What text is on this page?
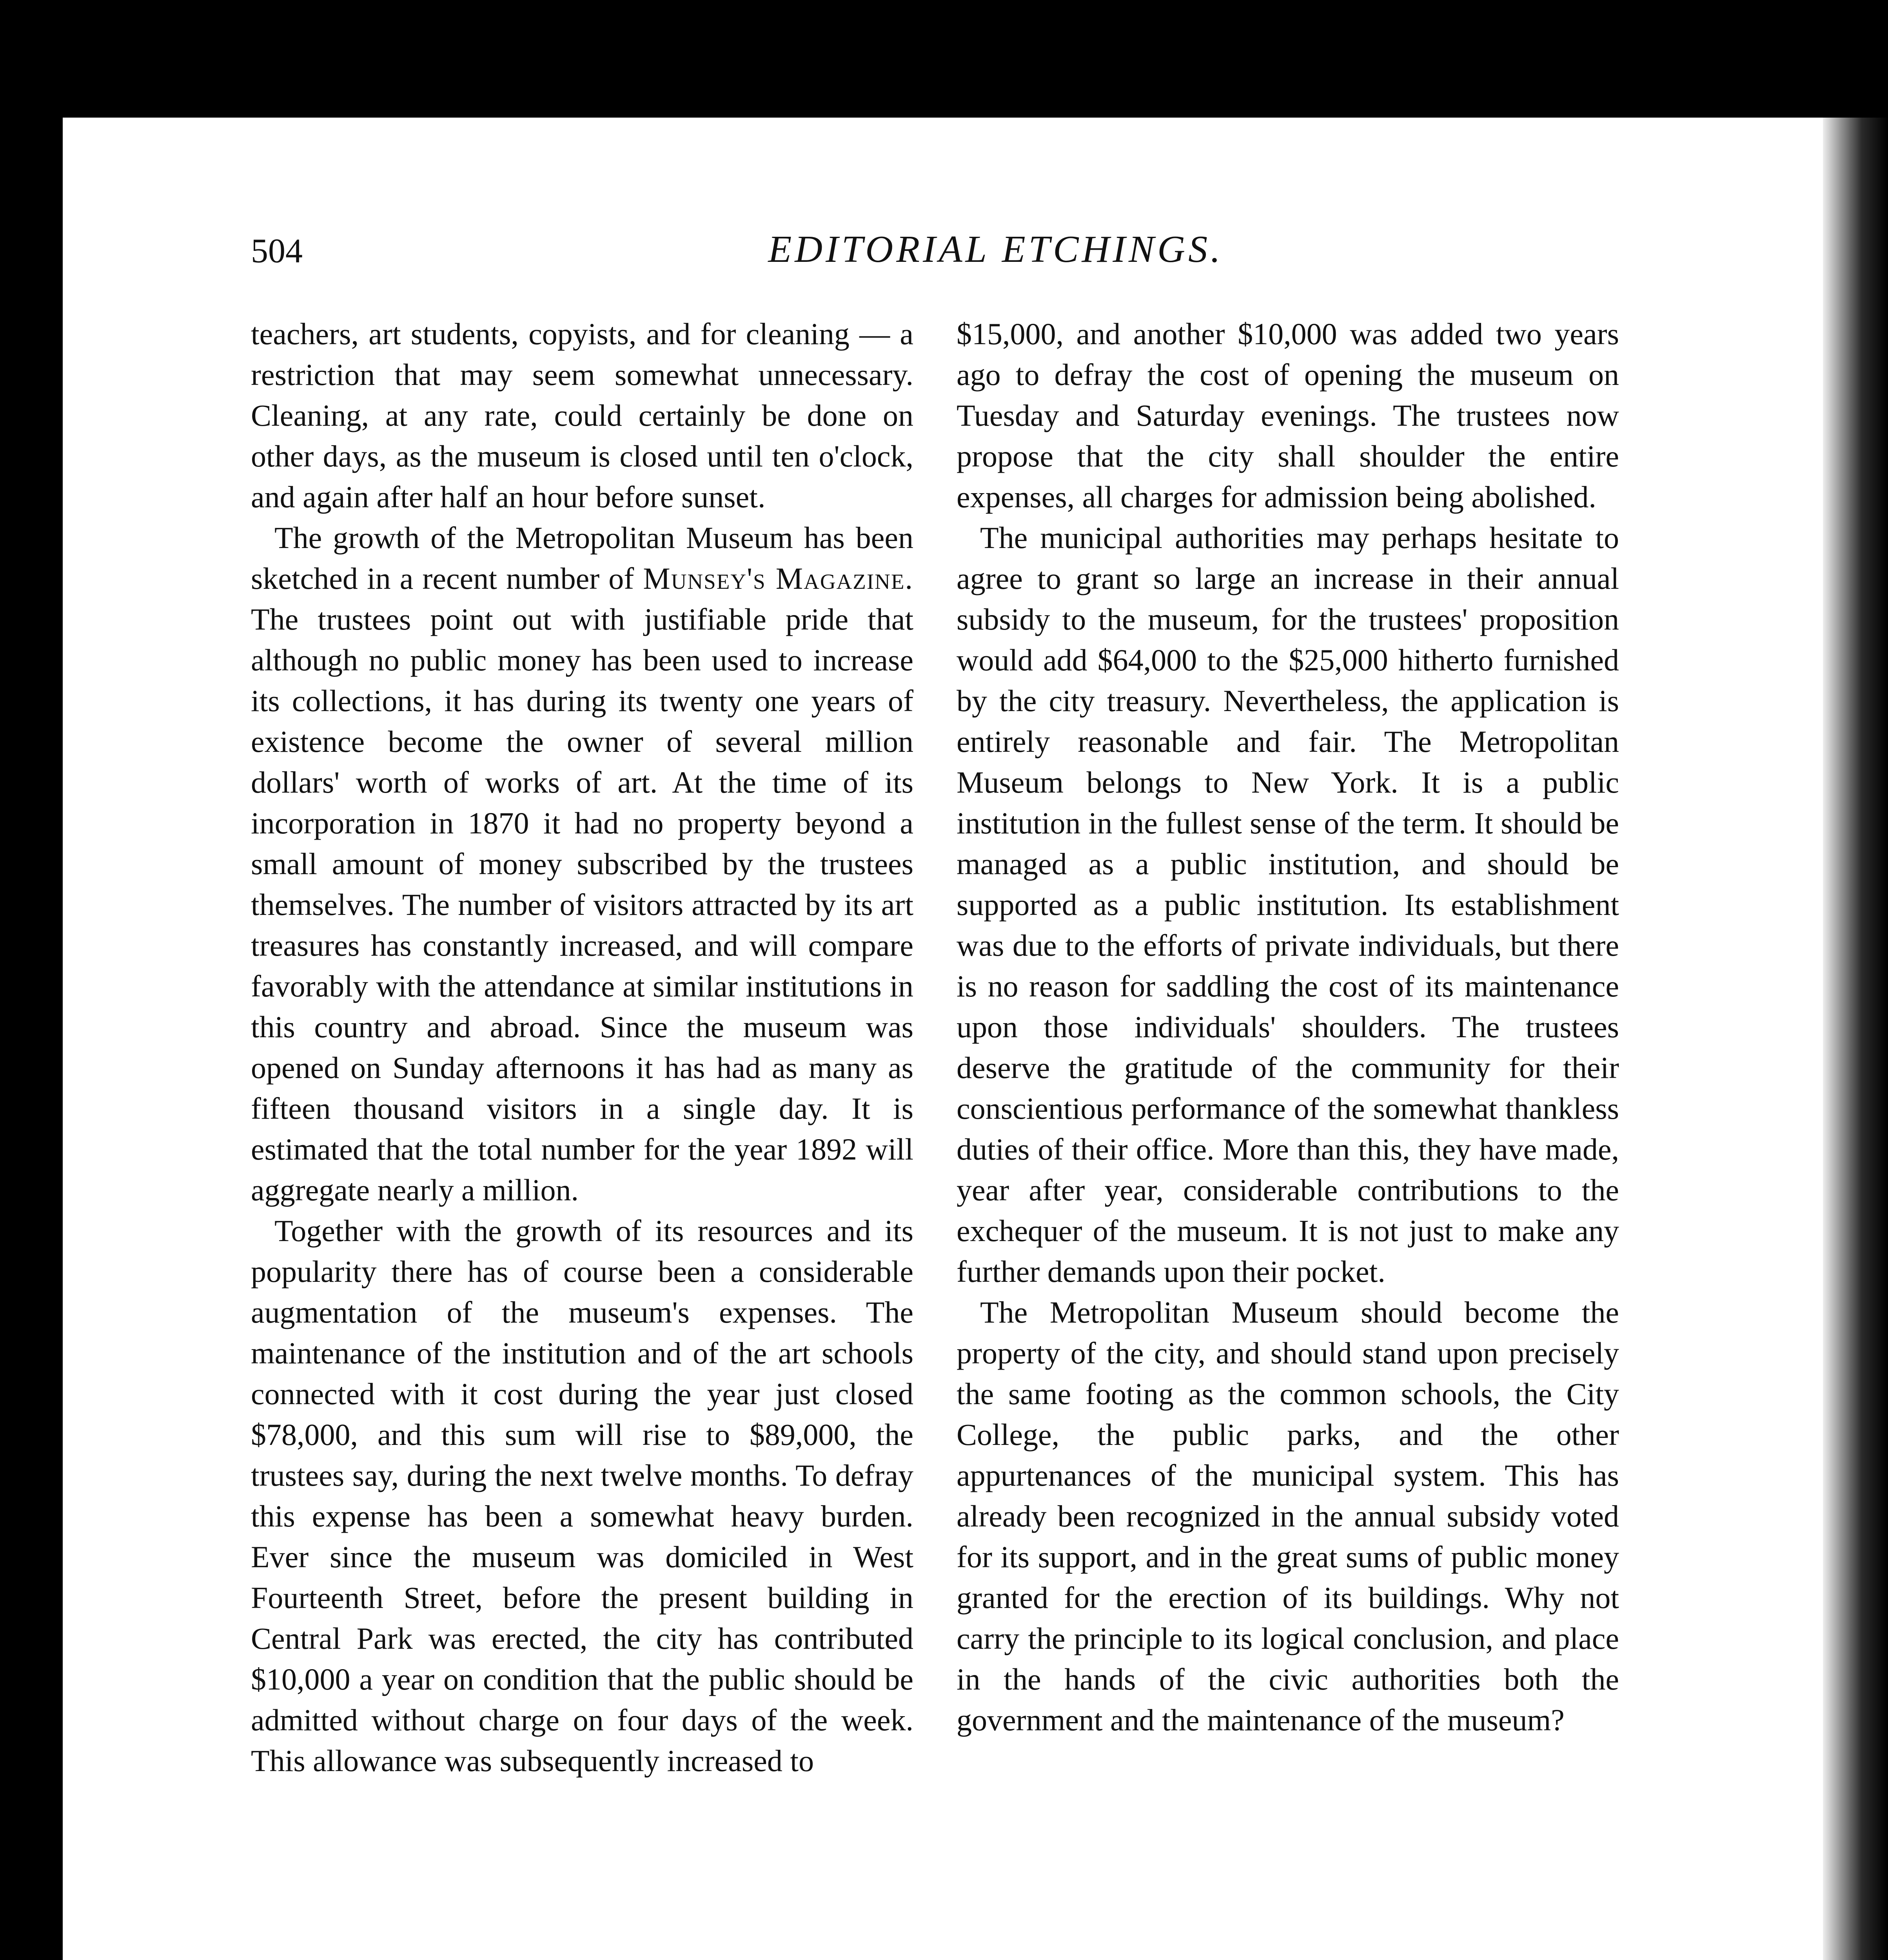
504	EDITORIAL ETCHINGS.

teachers, art students, copyists, and for cleaning — a restriction that may seem somewhat unnecessary. Cleaning, at any rate, could certainly be done on other days, as the museum is closed until ten o'clock, and again after half an hour before sunset.

The growth of the Metropolitan Museum has been sketched in a recent number of Munsey's Magazine. The trustees point out with justifiable pride that although no public money has been used to increase its collections, it has during its twenty one years of existence become the owner of several million dollars' worth of works of art. At the time of its incorporation in 1870 it had no property beyond a small amount of money subscribed by the trustees themselves. The number of visitors attracted by its art treasures has constantly increased, and will compare favorably with the attendance at similar institutions in this country and abroad. Since the museum was opened on Sunday afternoons it has had as many as fifteen thousand visitors in a single day. It is estimated that the total number for the year 1892 will aggregate nearly a million.

Together with the growth of its resources and its popularity there has of course been a considerable augmentation of the museum's expenses. The maintenance of the institution and of the art schools connected with it cost during the year just closed $78,000, and this sum will rise to $89,000, the trustees say, during the next twelve months. To defray this expense has been a somewhat heavy burden. Ever since the museum was domiciled in West Fourteenth Street, before the present building in Central Park was erected, the city has contributed $10,000 a year on condition that the public should be admitted without charge on four days of the week. This allowance was subsequently increased to

$15,000, and another $10,000 was added two years ago to defray the cost of opening the museum on Tuesday and Saturday evenings. The trustees now propose that the city shall shoulder the entire expenses, all charges for admission being abolished.

The municipal authorities may perhaps hesitate to agree to grant so large an increase in their annual subsidy to the museum, for the trustees' proposition would add $64,000 to the $25,000 hitherto furnished by the city treasury. Nevertheless, the application is entirely reasonable and fair. The Metropolitan Museum belongs to New York. It is a public institution in the fullest sense of the term. It should be managed as a public institution, and should be supported as a public institution. Its establishment was due to the efforts of private individuals, but there is no reason for saddling the cost of its maintenance upon those individuals' shoulders. The trustees deserve the gratitude of the community for their conscientious performance of the somewhat thankless duties of their office. More than this, they have made, year after year, considerable contributions to the exchequer of the museum. It is not just to make any further demands upon their pocket.

The Metropolitan Museum should become the property of the city, and should stand upon precisely the same footing as the common schools, the City College, the public parks, and the other appurtenances of the municipal system. This has already been recognized in the annual subsidy voted for its support, and in the great sums of public money granted for the erection of its buildings. Why not carry the principle to its logical conclusion, and place in the hands of the civic authorities both the government and the maintenance of the museum?
